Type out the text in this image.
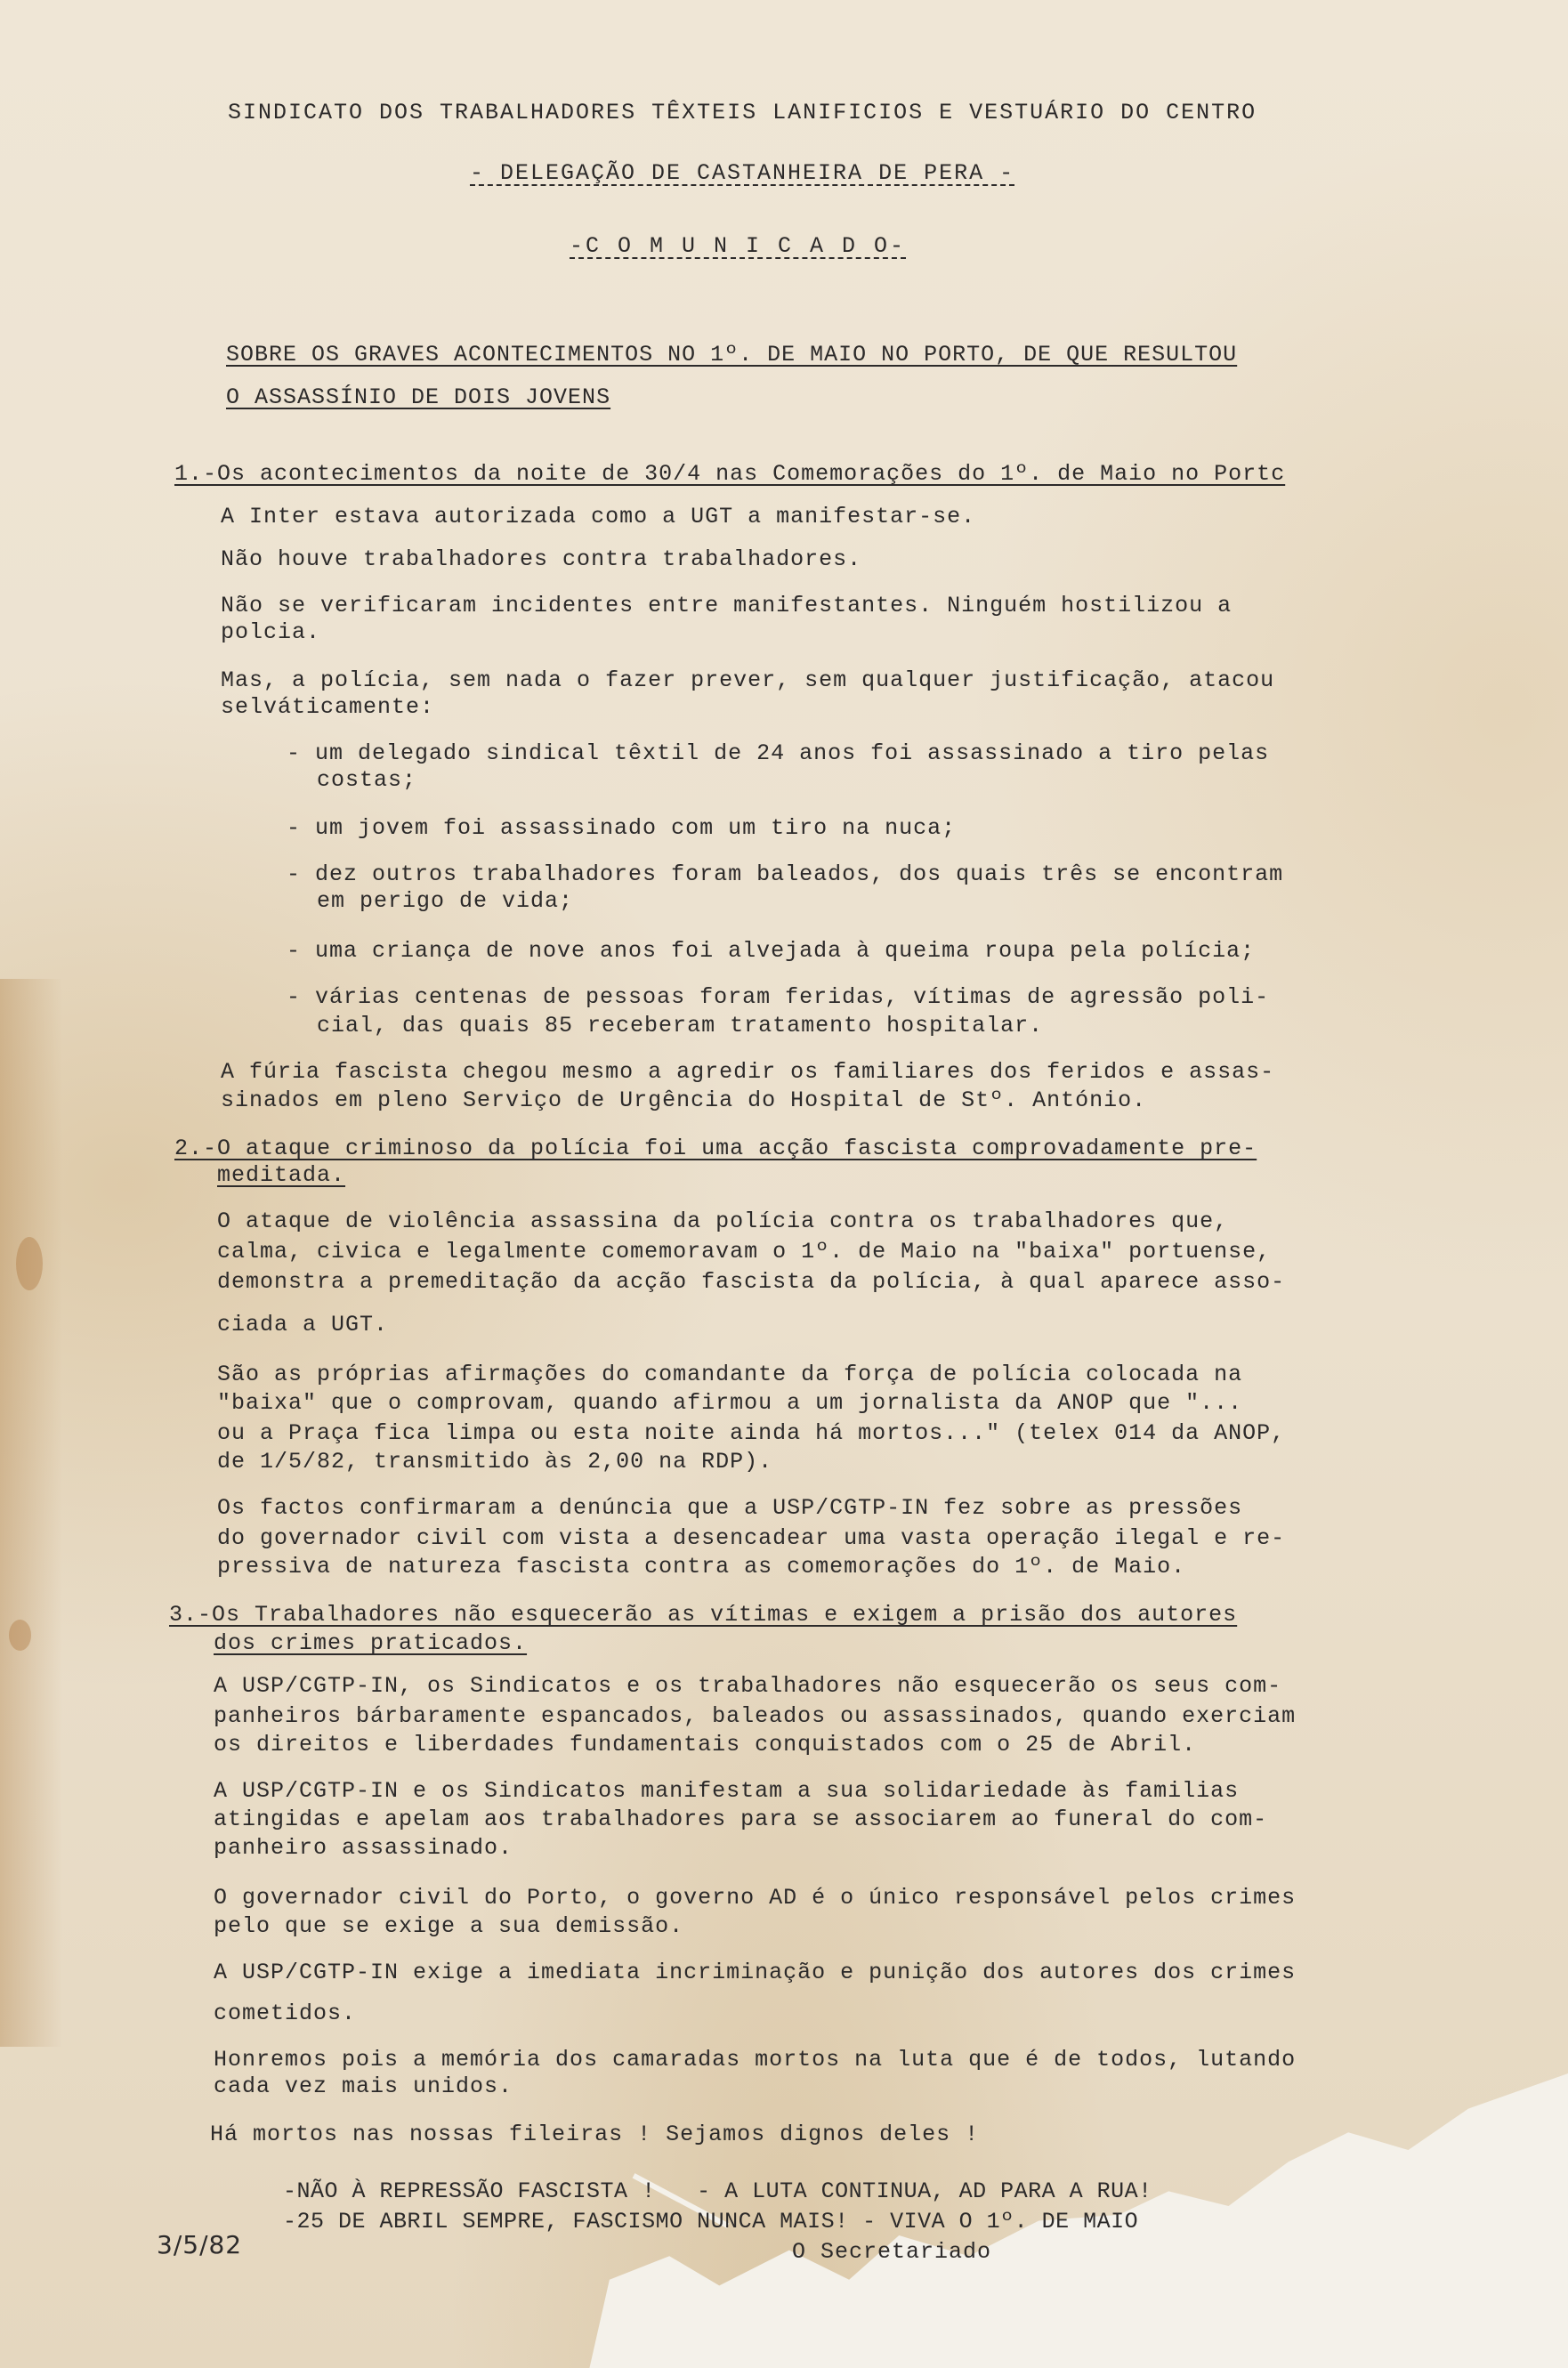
SINDICATO DOS TRABALHADORES TÊXTEIS LANIFICIOS E VESTUÁRIO DO CENTRO
- DELEGAÇÃO DE CASTANHEIRA DE PERA -
-C O M U N I C A D O-
SOBRE OS GRAVES ACONTECIMENTOS NO 1º. DE MAIO NO PORTO, DE QUE RESULTOU
O ASSASSÍNIO DE DOIS JOVENS
1.-Os acontecimentos da noite de 30/4 nas Comemorações do 1º. de Maio no Portc
A Inter estava autorizada como a UGT a manifestar-se.
Não houve trabalhadores contra trabalhadores.
Não se verificaram incidentes entre manifestantes. Ninguém hostilizou a
polcia.
Mas, a polícia, sem nada o fazer prever, sem qualquer justificação, atacou
selváticamente:
- um delegado sindical têxtil de 24 anos foi assassinado a tiro pelas
costas;
- um jovem foi assassinado com um tiro na nuca;
- dez outros trabalhadores foram baleados, dos quais três se encontram
em perigo de vida;
- uma criança de nove anos foi alvejada à queima roupa pela polícia;
- várias centenas de pessoas foram feridas, vítimas de agressão poli-
cial, das quais 85 receberam tratamento hospitalar.
A fúria fascista chegou mesmo a agredir os familiares dos feridos e assas-
sinados em pleno Serviço de Urgência do Hospital de Stº. António.
2.-O ataque criminoso da polícia foi uma acção fascista comprovadamente pre-
meditada.
O ataque de violência assassina da polícia contra os trabalhadores que,
calma, civica e legalmente comemoravam o 1º. de Maio na "baixa" portuense,
demonstra a premeditação da acção fascista da polícia, à qual aparece asso-
ciada a UGT.
São as próprias afirmações do comandante da força de polícia colocada na
"baixa" que o comprovam, quando afirmou a um jornalista da ANOP que "...
ou a Praça fica limpa ou esta noite ainda há mortos..." (telex 014 da ANOP,
de 1/5/82, transmitido às 2,00 na RDP).
Os factos confirmaram a denúncia que a USP/CGTP-IN fez sobre as pressões
do governador civil com vista a desencadear uma vasta operação ilegal e re-
pressiva de natureza fascista contra as comemorações do 1º. de Maio.
3.-Os Trabalhadores não esquecerão as vítimas e exigem a prisão dos autores
dos crimes praticados.
A USP/CGTP-IN, os Sindicatos e os trabalhadores não esquecerão os seus com-
panheiros bárbaramente espancados, baleados ou assassinados, quando exerciam
os direitos e liberdades fundamentais conquistados com o 25 de Abril.
A USP/CGTP-IN e os Sindicatos manifestam a sua solidariedade às familias
atingidas e apelam aos trabalhadores para se associarem ao funeral do com-
panheiro assassinado.
O governador civil do Porto, o governo AD é o único responsável pelos crimes
pelo que se exige a sua demissão.
A USP/CGTP-IN exige a imediata incriminação e punição dos autores dos crimes
cometidos.
Honremos pois a memória dos camaradas mortos na luta que é de todos, lutando
cada vez mais unidos.
Há mortos nas nossas fileiras ! Sejamos dignos deles !
-NÃO À REPRESSÃO FASCISTA !   - A LUTA CONTINUA, AD PARA A RUA!
-25 DE ABRIL SEMPRE, FASCISMO NUNCA MAIS! - VIVA O 1º. DE MAIO
O Secretariado
3/5/82
